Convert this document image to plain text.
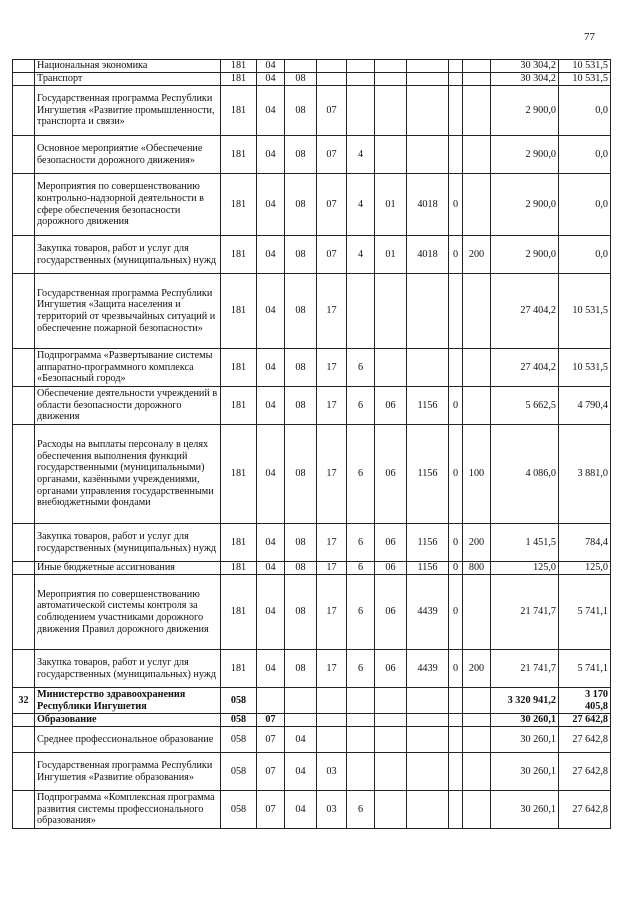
77
	Национальная экономика	181	04								30 304,2	10 531,5
	Транспорт	181	04	08							30 304,2	10 531,5
	Государственная программа Республики Ингушетия «Развитие промышленности, транспорта и связи»	181	04	08	07						2 900,0	0,0
	Основное мероприятие «Обеспечение безопасности дорожного движения»	181	04	08	07	4					2 900,0	0,0
	Мероприятия по совершенствованию контрольно-надзорной деятельности в сфере обеспечения безопасности дорожного движения	181	04	08	07	4	01	4018	0		2 900,0	0,0
	Закупка товаров, работ и услуг для государственных (муниципальных) нужд	181	04	08	07	4	01	4018	0	200	2 900,0	0,0
	Государственная программа Республики Ингушетия «Защита населения и территорий от чрезвычайных ситуаций и обеспечение пожарной безопасности»	181	04	08	17						27 404,2	10 531,5
	Подпрограмма «Развертывание системы аппаратно-программного комплекса «Безопасный город»	181	04	08	17	6					27 404,2	10 531,5
	Обеспечение деятельности учреждений в области безопасности дорожного движения	181	04	08	17	6	06	1156	0		5 662,5	4 790,4
	Расходы на выплаты персоналу в целях обеспечения выполнения функций государственными (муниципальными) органами, казёнными учреждениями, органами управления государственными внебюджетными фондами	181	04	08	17	6	06	1156	0	100	4 086,0	3 881,0
	Закупка товаров, работ и услуг для государственных (муниципальных) нужд	181	04	08	17	6	06	1156	0	200	1 451,5	784,4
	Иные бюджетные ассигнования	181	04	08	17	6	06	1156	0	800	125,0	125,0
	Мероприятия по совершенствованию автоматической системы контроля за соблюдением участниками дорожного движения Правил дорожного движения	181	04	08	17	6	06	4439	0		21 741,7	5 741,1
	Закупка товаров, работ и услуг для государственных (муниципальных) нужд	181	04	08	17	6	06	4439	0	200	21 741,7	5 741,1
32	Министерство здравоохранения Республики Ингушетия	058									3 320 941,2	3 170 405,8
	Образование	058	07								30 260,1	27 642,8
	Среднее профессиональное образование	058	07	04							30 260,1	27 642,8
	Государственная программа Республики Ингушетия «Развитие образования»	058	07	04	03						30 260,1	27 642,8
	Подпрограмма «Комплексная программа развития системы профессионального образования»	058	07	04	03	6					30 260,1	27 642,8
